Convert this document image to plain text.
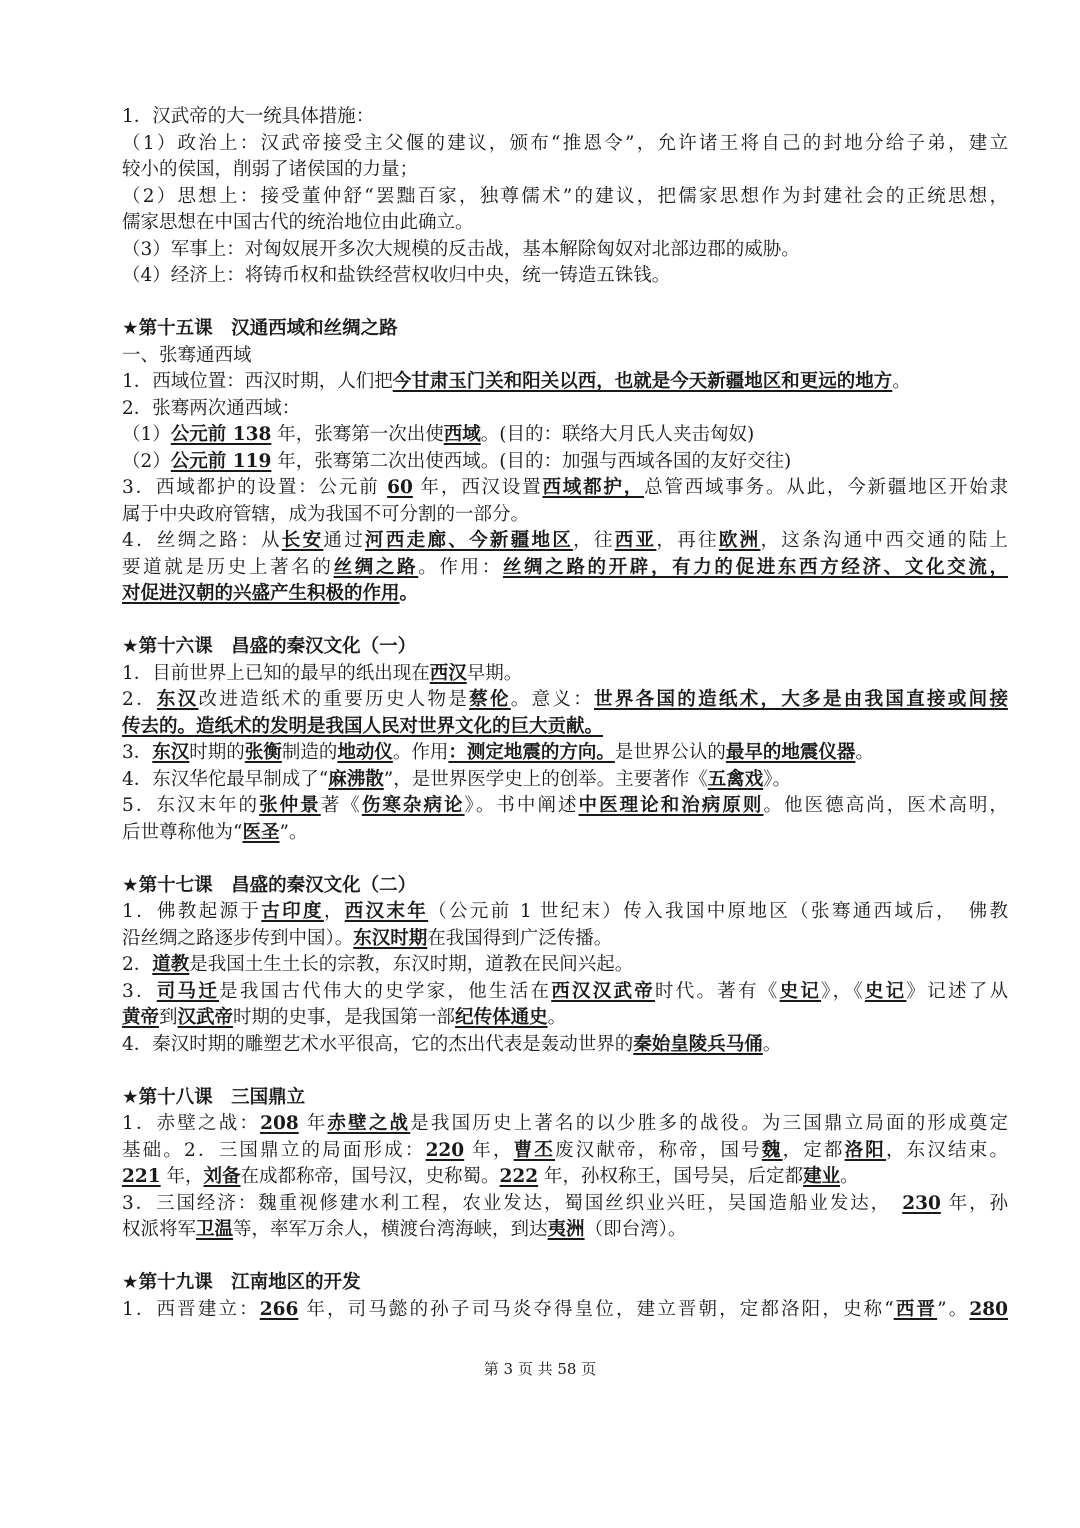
1．汉武帝的大一统具体措施：
（1）政治上：汉武帝接受主父偃的建议，颁布“推恩令”，允许诸王将自己的封地分给子弟，建立
较小的侯国，削弱了诸侯国的力量；
（2）思想上：接受董仲舒“罢黜百家，独尊儒术”的建议，把儒家思想作为封建社会的正统思想，
儒家思想在中国古代的统治地位由此确立。
（3）军事上：对匈奴展开多次大规模的反击战，基本解除匈奴对北部边郡的威胁。
（4）经济上：将铸币权和盐铁经营权收归中央，统一铸造五铢钱。
★第十五课　汉通西域和丝绸之路
一、张骞通西域
1．西域位置：西汉时期，人们把今甘肃玉门关和阳关以西，也就是今天新疆地区和更远的地方。
2．张骞两次通西域：
（1）公元前 138 年，张骞第一次出使西域。(目的：联络大月氏人夹击匈奴)
（2）公元前 119 年，张骞第二次出使西域。(目的：加强与西域各国的友好交往)
3．西域都护的设置：公元前 60 年，西汉设置西域都护，总管西域事务。从此，今新疆地区开始隶
属于中央政府管辖，成为我国不可分割的一部分。
4．丝绸之路：从长安通过河西走廊、今新疆地区，往西亚，再往欧洲，这条沟通中西交通的陆上
要道就是历史上著名的丝绸之路。作用：丝绸之路的开辟，有力的促进东西方经济、文化交流，
对促进汉朝的兴盛产生积极的作用。
★第十六课　昌盛的秦汉文化（一）
1．目前世界上已知的最早的纸出现在西汉早期。
2．东汉改进造纸术的重要历史人物是蔡伦。意义：世界各国的造纸术，大多是由我国直接或间接
传去的。造纸术的发明是我国人民对世界文化的巨大贡献。
3．东汉时期的张衡制造的地动仪。作用：测定地震的方向。是世界公认的最早的地震仪器。
4．东汉华佗最早制成了“麻沸散”，是世界医学史上的创举。主要著作《五禽戏》。
5．东汉末年的张仲景著《伤寒杂病论》。书中阐述中医理论和治病原则。他医德高尚，医术高明，
后世尊称他为“医圣”。
★第十七课　昌盛的秦汉文化（二）
1．佛教起源于古印度，西汉末年（公元前 1 世纪末）传入我国中原地区（张骞通西域后，　佛教
沿丝绸之路逐步传到中国）。东汉时期在我国得到广泛传播。
2．道教是我国土生土长的宗教，东汉时期，道教在民间兴起。
3．司马迁是我国古代伟大的史学家，他生活在西汉汉武帝时代。著有《史记》，《史记》记述了从
黄帝到汉武帝时期的史事，是我国第一部纪传体通史。
4．秦汉时期的雕塑艺术水平很高，它的杰出代表是轰动世界的秦始皇陵兵马俑。
★第十八课　三国鼎立
1．赤壁之战：208 年赤壁之战是我国历史上著名的以少胜多的战役。为三国鼎立局面的形成奠定
基础。2．三国鼎立的局面形成：220 年，曹丕废汉献帝，称帝，国号魏，定都洛阳，东汉结束。
221 年，刘备在成都称帝，国号汉，史称蜀。222 年，孙权称王，国号吴，后定都建业。
3．三国经济：魏重视修建水利工程，农业发达，蜀国丝织业兴旺，吴国造船业发达，　230 年，孙
权派将军卫温等，率军万余人，横渡台湾海峡，到达夷洲（即台湾）。
★第十九课　江南地区的开发
1．西晋建立：266 年，司马懿的孙子司马炎夺得皇位，建立晋朝，定都洛阳，史称“西晋”。280
第 3 页 共 58 页
